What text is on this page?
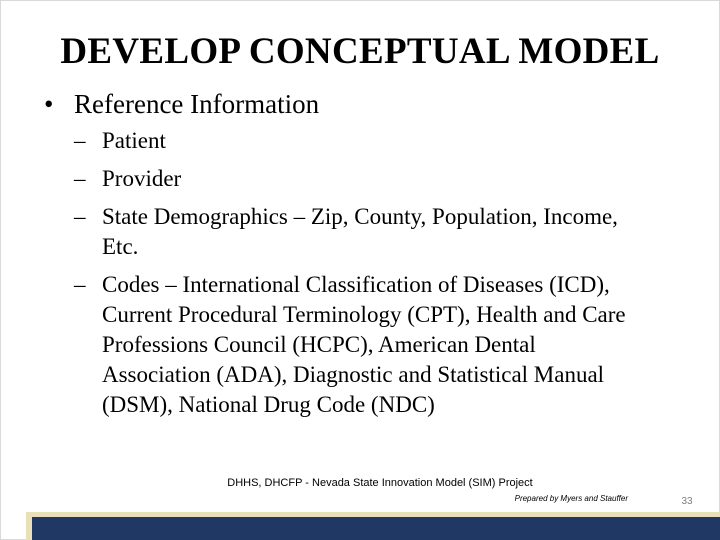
DEVELOP CONCEPTUAL MODEL
• Reference Information
– Patient
– Provider
– State Demographics – Zip, County, Population, Income, Etc.
– Codes – International Classification of Diseases (ICD), Current Procedural Terminology (CPT), Health and Care Professions Council (HCPC), American Dental Association (ADA), Diagnostic and Statistical Manual (DSM), National Drug Code (NDC)
DHHS, DHCFP - Nevada State Innovation Model (SIM) Project
Prepared by Myers and Stauffer	33
